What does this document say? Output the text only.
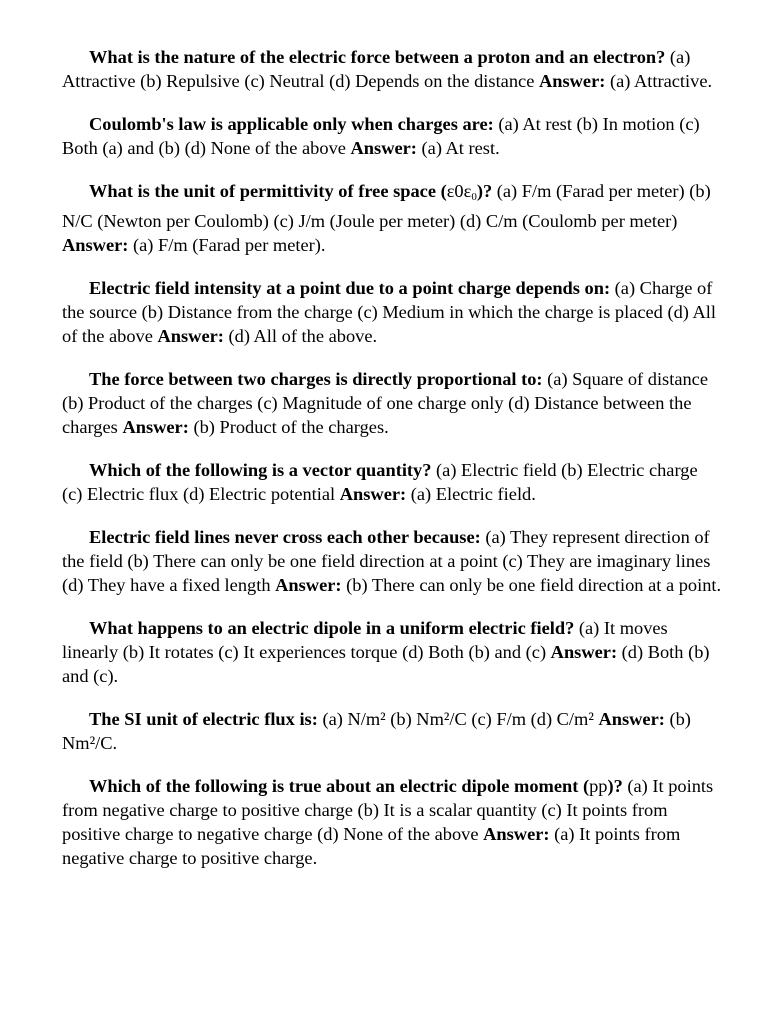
What is the nature of the electric force between a proton and an electron? (a) Attractive (b) Repulsive (c) Neutral (d) Depends on the distance Answer: (a) Attractive.

Coulomb's law is applicable only when charges are: (a) At rest (b) In motion (c) Both (a) and (b) (d) None of the above Answer: (a) At rest.

What is the unit of permittivity of free space $(\varepsilon 0\varepsilon_0)$? (a) F/m (Farad per meter) (b) N/C (Newton per Coulomb) (c) J/m (Joule per meter) (d) C/m (Coulomb per meter) Answer: (a) F/m (Farad per meter).

Electric field intensity at a point due to a point charge depends on: (a) Charge of the source (b) Distance from the charge (c) Medium in which the charge is placed (d) All of the above Answer: (d) All of the above.

The force between two charges is directly proportional to: (a) Square of distance (b) Product of the charges (c) Magnitude of one charge only (d) Distance between the charges Answer: (b) Product of the charges.

Which of the following is a vector quantity? (a) Electric field (b) Electric charge (c) Electric flux (d) Electric potential Answer: (a) Electric field.

Electric field lines never cross each other because: (a) They represent direction of the field (b) There can only be one field direction at a point (c) They are imaginary lines (d) They have a fixed length Answer: (b) There can only be one field direction at a point.

What happens to an electric dipole in a uniform electric field? (a) It moves linearly (b) It rotates (c) It experiences torque (d) Both (b) and (c) Answer: (d) Both (b) and (c).

The SI unit of electric flux is: (a) N/m² (b) Nm²/C (c) F/m (d) C/m² Answer: (b) Nm²/C.

Which of the following is true about an electric dipole moment (pp)? (a) It points from negative charge to positive charge (b) It is a scalar quantity (c) It points from positive charge to negative charge (d) None of the above Answer: (a) It points from negative charge to positive charge.
